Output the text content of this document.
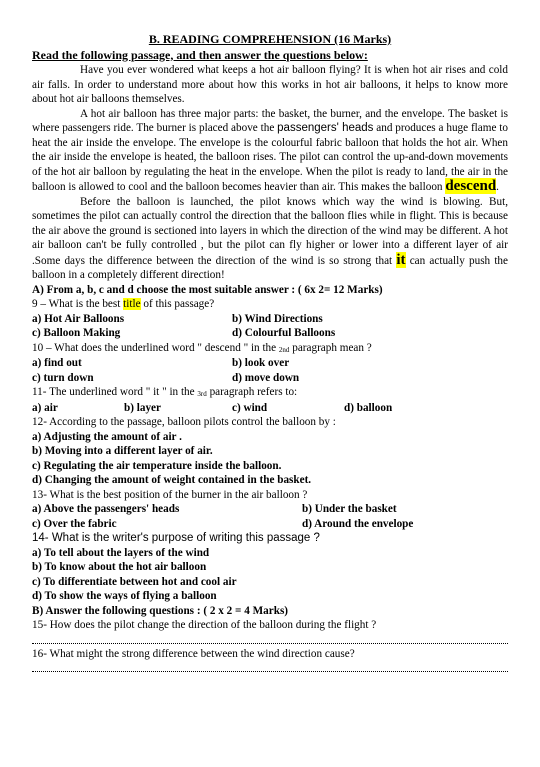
B. READING COMPREHENSION (16 Marks)
Read the following passage, and then answer the questions below:

Have you ever wondered what keeps a hot air balloon flying? It is when hot air rises and cold air falls. In order to understand more about how this works in hot air balloons, it helps to know more about hot air balloons themselves.

A hot air balloon has three major parts: the basket, the burner, and the envelope. The basket is where passengers ride. The burner is placed above the passengers' heads and produces a huge flame to heat the air inside the envelope. The envelope is the colourful fabric balloon that holds the hot air. When the air inside the envelope is heated, the balloon rises. The pilot can control the up-and-down movements of the hot air balloon by regulating the heat in the envelope. When the pilot is ready to land, the air in the balloon is allowed to cool and the balloon becomes heavier than air. This makes the balloon descend.

Before the balloon is launched, the pilot knows which way the wind is blowing. But, sometimes the pilot can actually control the direction that the balloon flies while in flight. This is because the air above the ground is sectioned into layers in which the direction of the wind may be different. A hot air balloon can't be fully controlled , but the pilot can fly higher or lower into a different layer of air .Some days the difference between the direction of the wind is so strong that it can actually push the balloon in a completely different direction!

A) From a, b, c and d choose the most suitable answer : ( 6x 2= 12 Marks)
9 – What is the best title of this passage?
a) Hot Air Balloons	b) Wind Directions
c) Balloon Making	d) Colourful Balloons
10 – What does the underlined word " descend " in the $_{2nd}$ paragraph mean ?
a) find out	b) look over
c) turn down	d) move down
11- The underlined word " it " in the $_{3rd}$ paragraph refers to:
a) air	b) layer	c) wind	d) balloon
12- According to the passage, balloon pilots control the balloon by :
a) Adjusting the amount of air .
b) Moving into a different layer of air.
c) Regulating the air temperature inside the balloon.
d) Changing the amount of weight contained in the basket.
13- What is the best position of the burner in the air balloon ?
a) Above the passengers' heads	b) Under the basket
c) Over the fabric	d) Around the envelope
14- What is the writer's purpose of writing this passage ?
a) To tell about the layers of the wind
b) To know about the hot air balloon
c) To differentiate between hot and cool air
d) To show the ways of flying a balloon
B) Answer the following questions : ( 2 x 2 = 4 Marks)
15- How does the pilot change the direction of the balloon during the flight ?
16- What might the strong difference between the wind direction cause?
